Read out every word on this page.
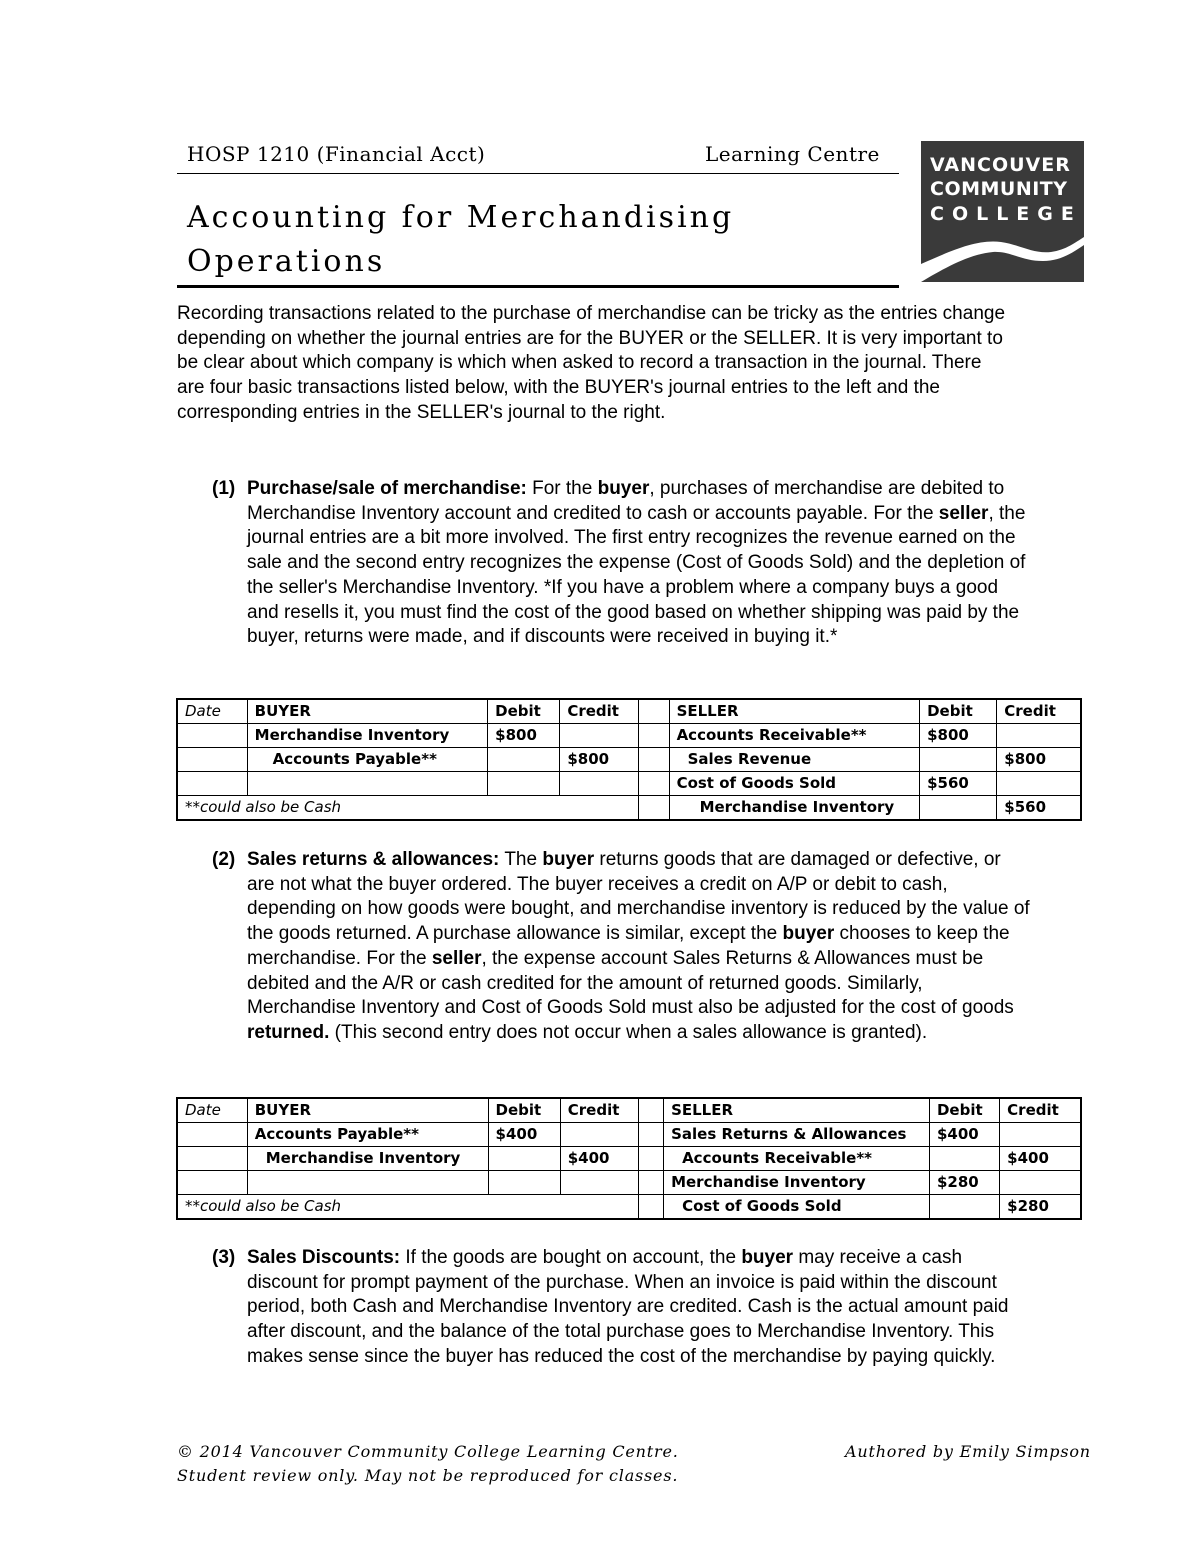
HOSP 1210 (Financial Acct)	Learning Centre
Accounting for Merchandising
Operations
VANCOUVER
COMMUNITY
COLLEGE
Recording transactions related to the purchase of merchandise can be tricky as the entries change depending on whether the journal entries are for the BUYER or the SELLER. It is very important to be clear about which company is which when asked to record a transaction in the journal. There are four basic transactions listed below, with the BUYER's journal entries to the left and the corresponding entries in the SELLER's journal to the right.
(1) Purchase/sale of merchandise: For the buyer, purchases of merchandise are debited to Merchandise Inventory account and credited to cash or accounts payable. For the seller, the journal entries are a bit more involved. The first entry recognizes the revenue earned on the sale and the second entry recognizes the expense (Cost of Goods Sold) and the depletion of the seller's Merchandise Inventory. *If you have a problem where a company buys a good and resells it, you must find the cost of the good based on whether shipping was paid by the buyer, returns were made, and if discounts were received in buying it.*
Date	BUYER	Debit	Credit		SELLER	Debit	Credit
	Merchandise Inventory	$800			Accounts Receivable**	$800	
	Accounts Payable**		$800		Sales Revenue		$800
					Cost of Goods Sold	$560	
**could also be Cash					Merchandise Inventory		$560
(2) Sales returns & allowances: The buyer returns goods that are damaged or defective, or are not what the buyer ordered. The buyer receives a credit on A/P or debit to cash, depending on how goods were bought, and merchandise inventory is reduced by the value of the goods returned. A purchase allowance is similar, except the buyer chooses to keep the merchandise. For the seller, the expense account Sales Returns & Allowances must be debited and the A/R or cash credited for the amount of returned goods. Similarly, Merchandise Inventory and Cost of Goods Sold must also be adjusted for the cost of goods returned. (This second entry does not occur when a sales allowance is granted).
Date	BUYER	Debit	Credit		SELLER	Debit	Credit
	Accounts Payable**	$400			Sales Returns & Allowances	$400	
	Merchandise Inventory		$400		Accounts Receivable**		$400
					Merchandise Inventory	$280	
**could also be Cash					Cost of Goods Sold		$280
(3) Sales Discounts: If the goods are bought on account, the buyer may receive a cash discount for prompt payment of the purchase. When an invoice is paid within the discount period, both Cash and Merchandise Inventory are credited. Cash is the actual amount paid after discount, and the balance of the total purchase goes to Merchandise Inventory. This makes sense since the buyer has reduced the cost of the merchandise by paying quickly.
© 2014 Vancouver Community College Learning Centre.
Student review only. May not be reproduced for classes.
Authored by Emily Simpson
